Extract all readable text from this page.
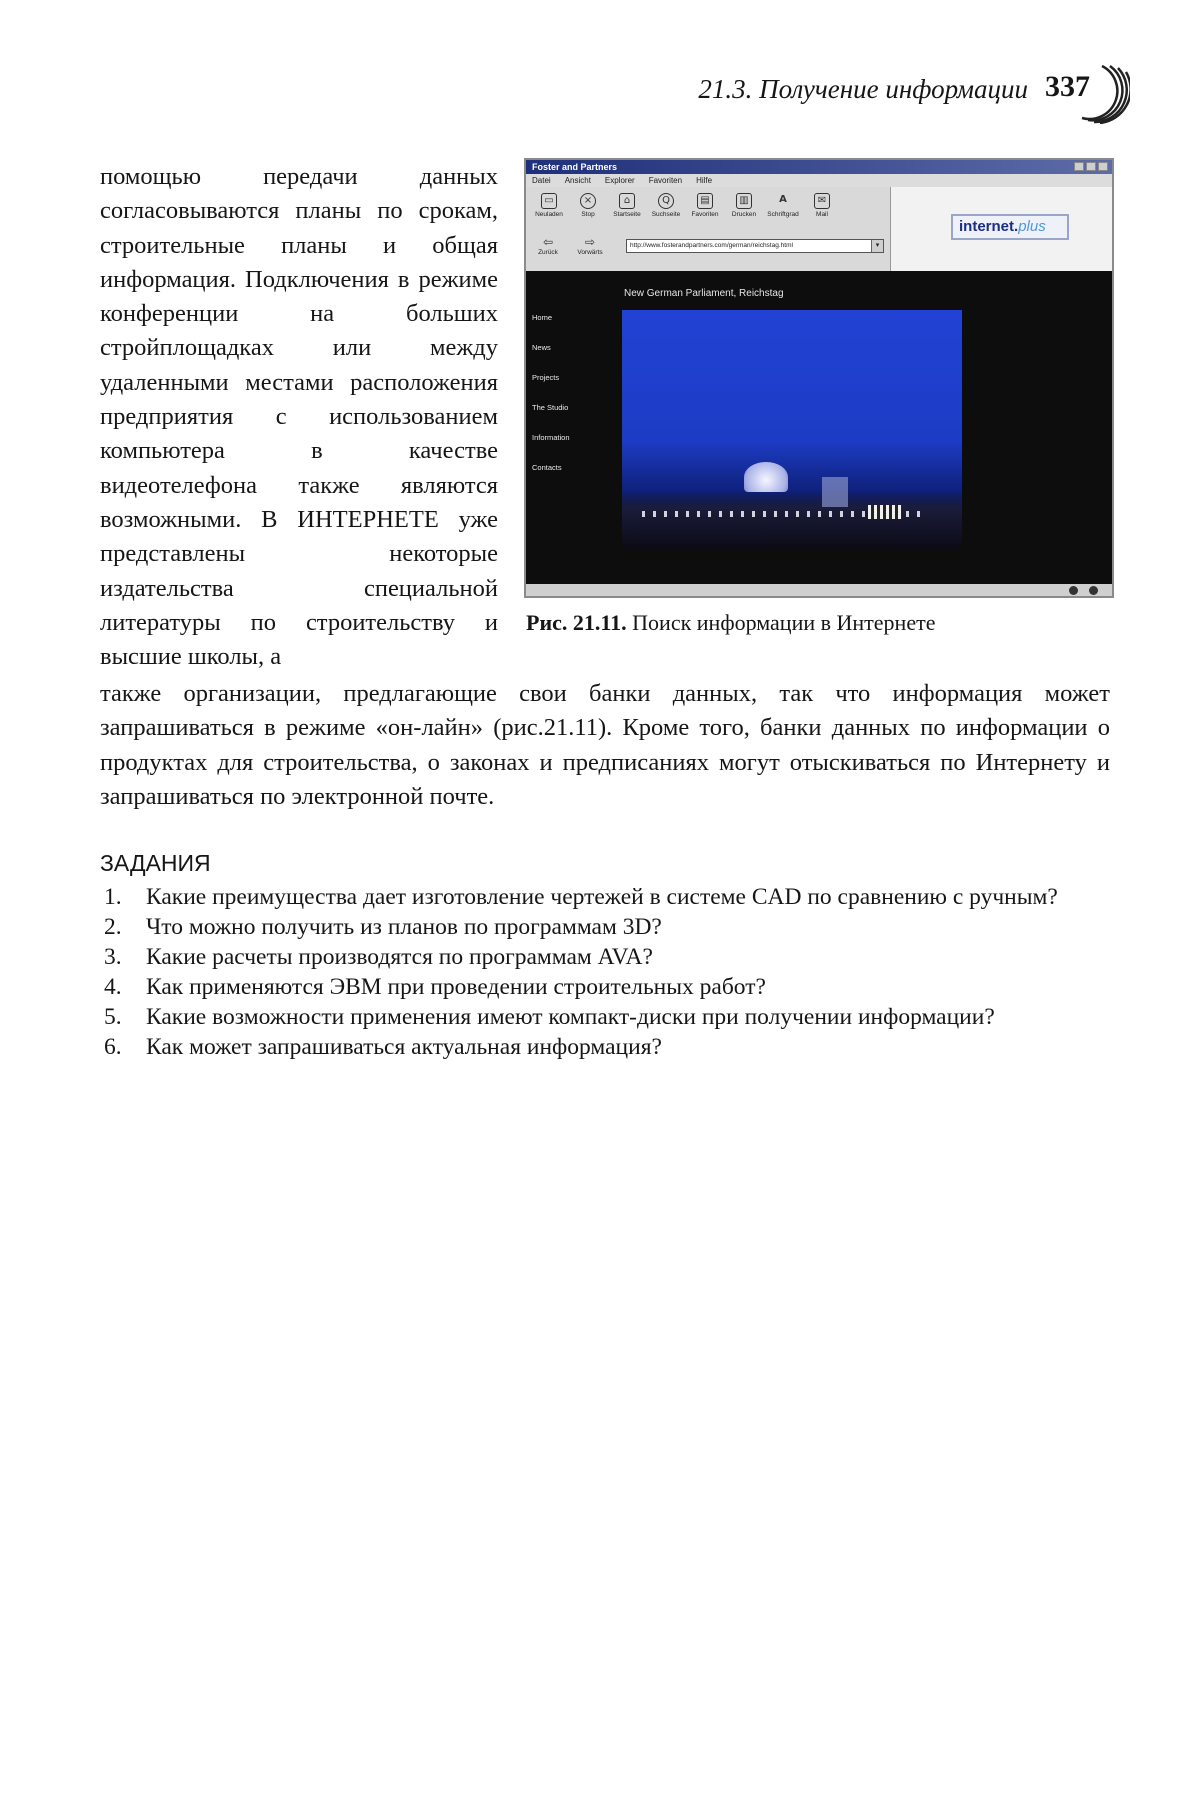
21.3. Получение информации 337

помощью передачи данных согласовываются планы по срокам, строительные планы и общая информация. Подключения в режиме конференции на больших стройплощадках или между удаленными местами расположения предприятия с использованием компьютера в качестве видеотелефона также являются возможными. В ИНТЕРНЕТЕ уже представлены некоторые издательства специальной литературы по строительству и высшие школы, а

Foster and Partners
Datei Ansicht Explorer Favoriten Hilfe
▭
Neuladen
×
Stop
⌂
Startseite
Q
Suchseite
▤
Favoriten
▥
Drucken
A
Schriftgrad
✉
Mail
⇦
Zurück
⇨
Vorwärts
http://www.fosterandpartners.com/german/reichstag.html	▾
internet.plus
New German Parliament, Reichstag
Home
News
Projects
The Studio
Information
Contacts
Рис. 21.11. Поиск информации в Интернете

также организации, предлагающие свои банки данных, так что информация может запрашиваться в режиме «он-лайн» (рис.21.11). Кроме того, банки данных по информации о продуктах для строительства, о законах и предписаниях могут отыскиваться по Интернету и запрашиваться по электронной почте.

ЗАДАНИЯ
1. Какие преимущества дает изготовление чертежей в системе CAD по сравнению с ручным?
2. Что можно получить из планов по программам 3D?
3. Какие расчеты производятся по программам AVA?
4. Как применяются ЭВМ при проведении строительных работ?
5. Какие возможности применения имеют компакт-диски при получении информации?
6. Как может запрашиваться актуальная информация?
